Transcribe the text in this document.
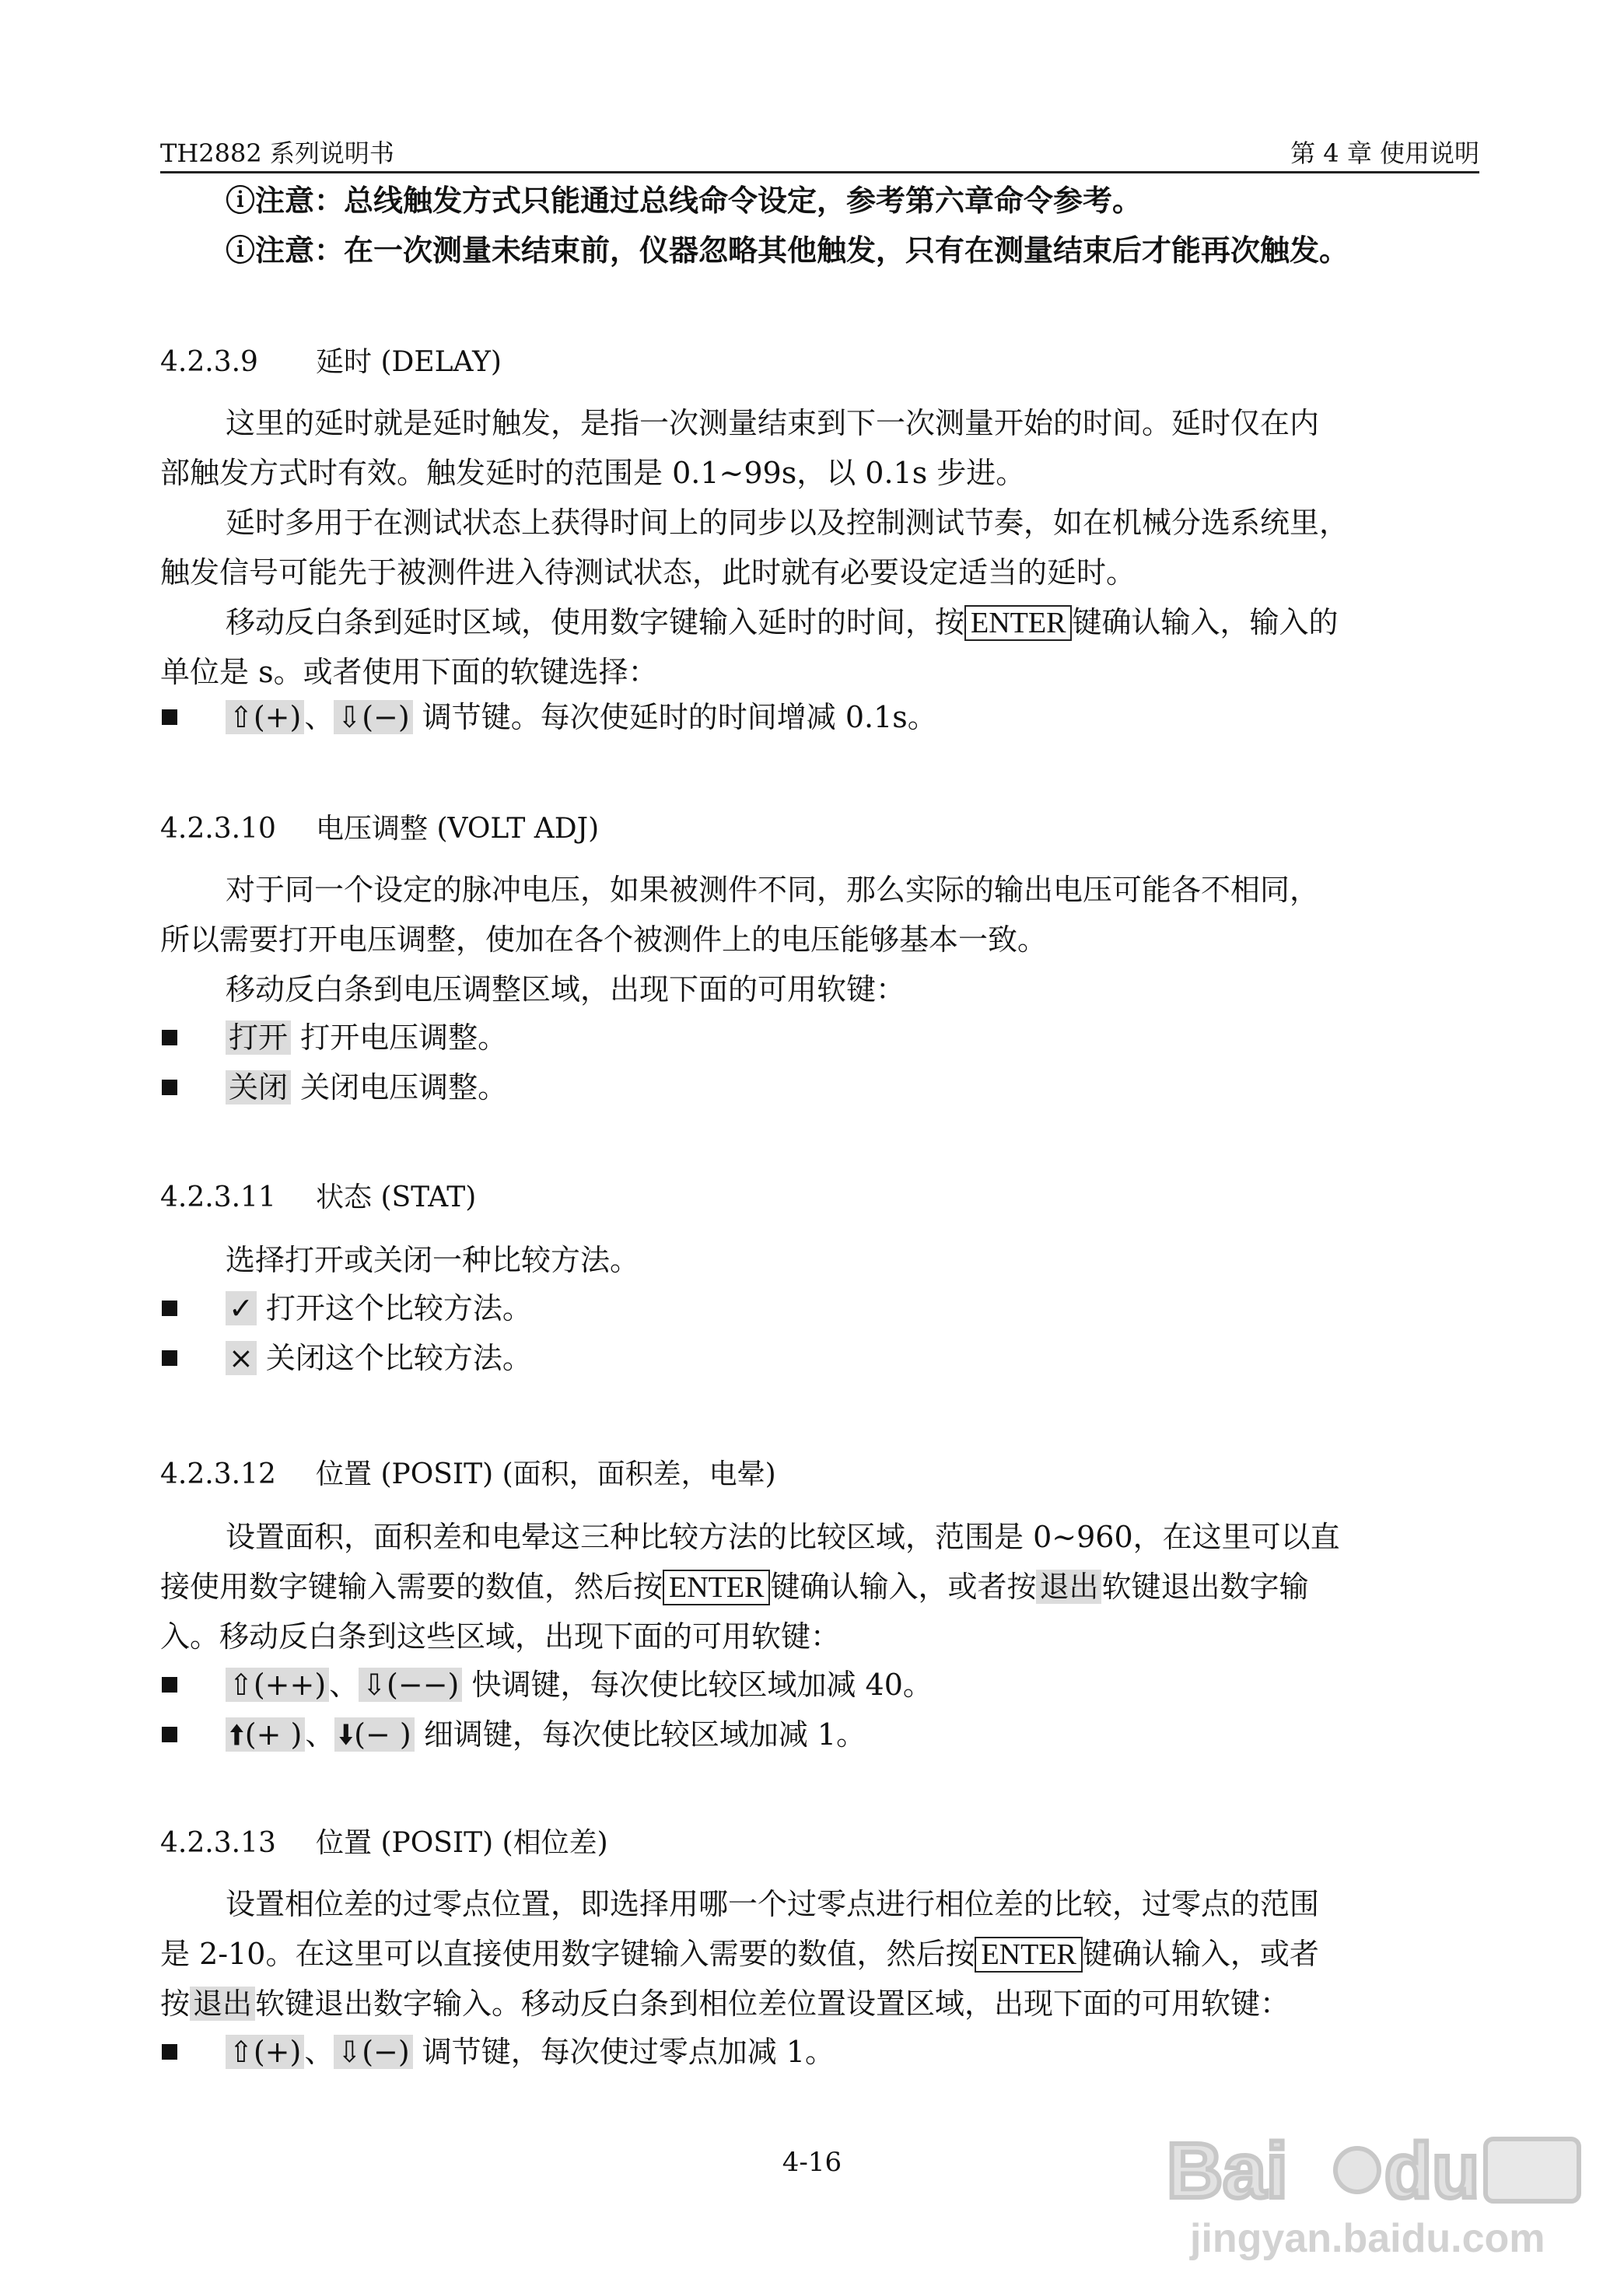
TH2882 系列说明书	第 4 章 使用说明
ⓘ注意：总线触发方式只能通过总线命令设定，参考第六章命令参考。
ⓘ注意：在一次测量未结束前，仪器忽略其他触发，只有在测量结束后才能再次触发。
4.2.3.9 延时 (DELAY)
这里的延时就是延时触发，是指一次测量结束到下一次测量开始的时间。延时仅在内
部触发方式时有效。触发延时的范围是 0.1~99s，以 0.1s 步进。
延时多用于在测试状态上获得时间上的同步以及控制测试节奏，如在机械分选系统里，
触发信号可能先于被测件进入待测试状态，此时就有必要设定适当的延时。
移动反白条到延时区域，使用数字键输入延时的时间，按 ENTER 键确认输入，输入的
单位是 s。或者使用下面的软键选择：
⇧(+) 、 ⇩(−) 调节键。每次使延时的时间增减 0.1s。
4.2.3.10 电压调整 (VOLT ADJ)
对于同一个设定的脉冲电压，如果被测件不同，那么实际的输出电压可能各不相同，
所以需要打开电压调整，使加在各个被测件上的电压能够基本一致。
移动反白条到电压调整区域，出现下面的可用软键：
打开 打开电压调整。
关闭 关闭电压调整。
4.2.3.11 状态 (STAT)
选择打开或关闭一种比较方法。
✓ 打开这个比较方法。
× 关闭这个比较方法。
4.2.3.12 位置 (POSIT) (面积，面积差，电晕)
设置面积，面积差和电晕这三种比较方法的比较区域，范围是 0~960，在这里可以直
接使用数字键输入需要的数值，然后按 ENTER 键确认输入，或者按 退出 软键退出数字输
入。移动反白条到这些区域，出现下面的可用软键：
⇧(++) 、 ⇩(−−) 快调键，每次使比较区域加减 40。
🠩(+ ) 、 🠫(− ) 细调键，每次使比较区域加减 1。
4.2.3.13 位置 (POSIT) (相位差)
设置相位差的过零点位置，即选择用哪一个过零点进行相位差的比较，过零点的范围
是 2-10。在这里可以直接使用数字键输入需要的数值，然后按 ENTER 键确认输入，或者
按 退出 软键退出数字输入。移动反白条到相位差位置设置区域，出现下面的可用软键：
⇧(+) 、 ⇩(−) 调节键，每次使过零点加减 1。
4-16	Bai du
jingyan.baidu.com
